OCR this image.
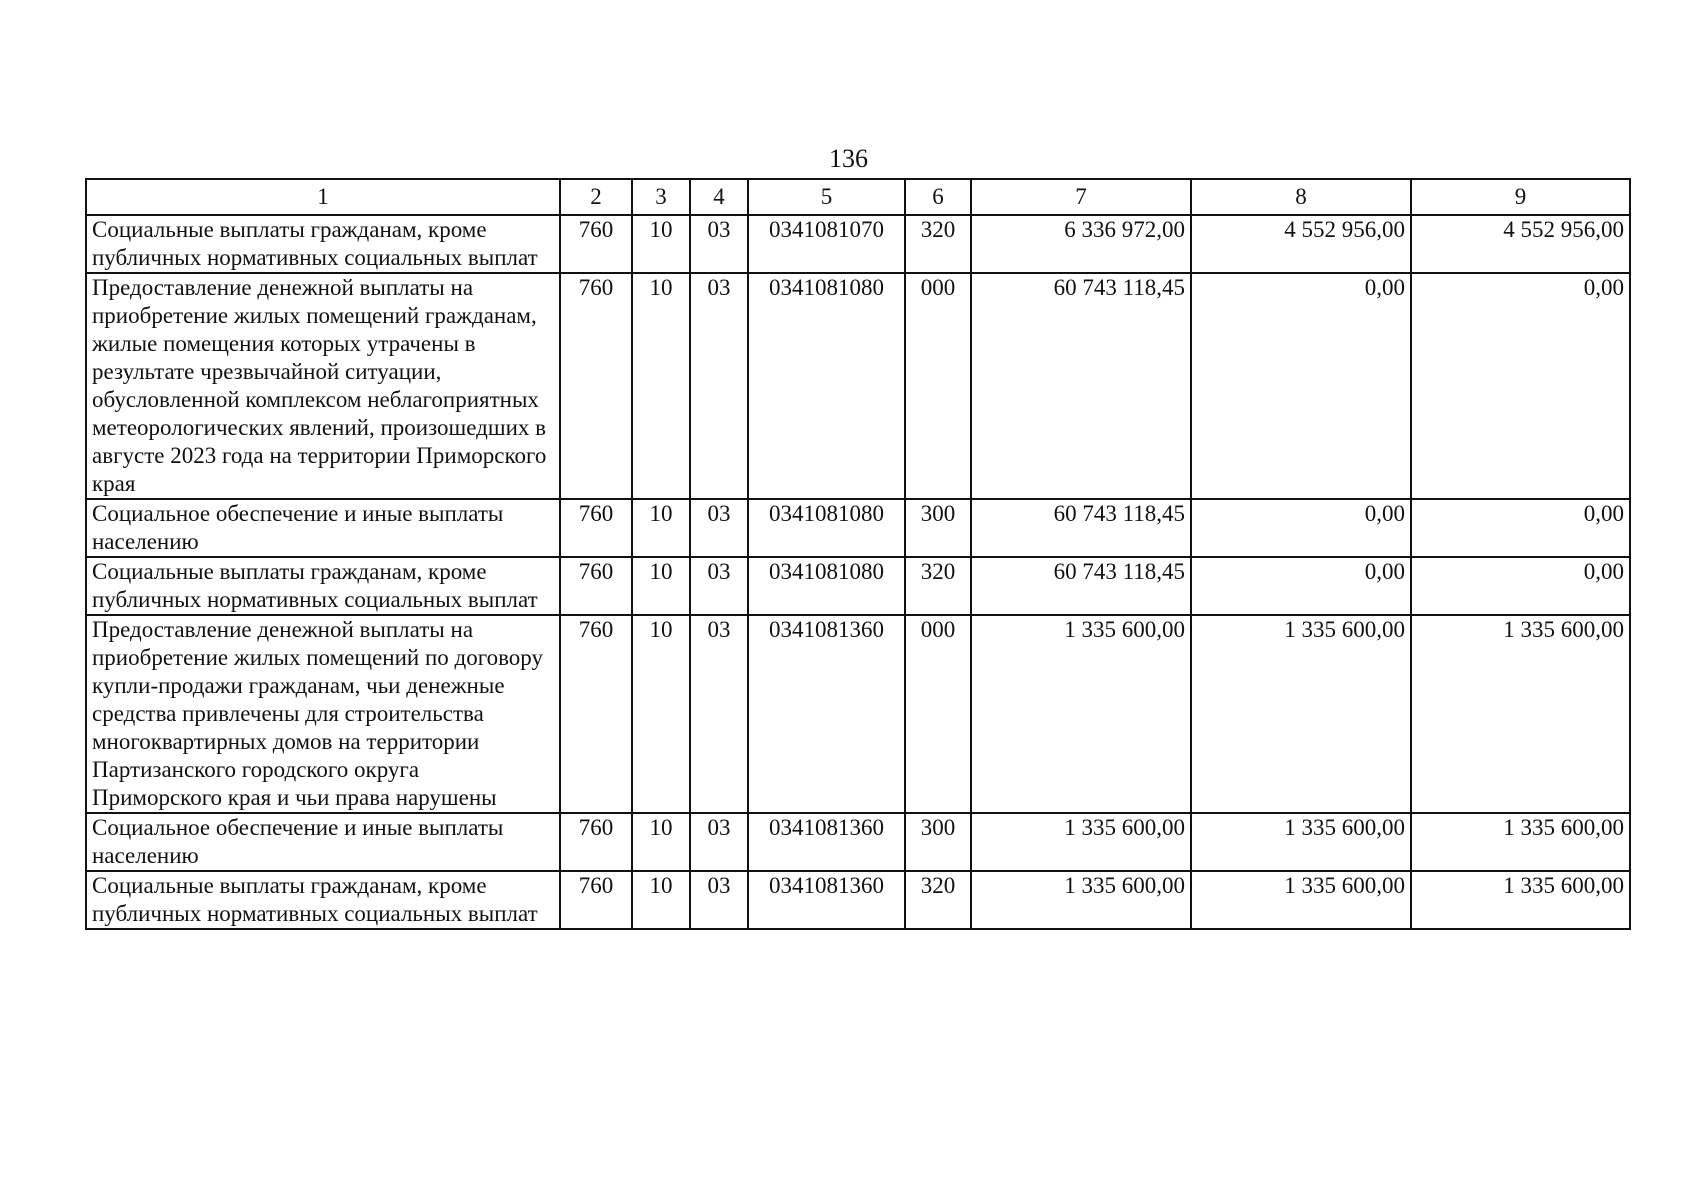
136
1	2	3	4	5	6	7	8	9
Социальные выплаты гражданам, кроме публичных нормативных социальных выплат	760	10	03	0341081070	320	6 336 972,00	4 552 956,00	4 552 956,00
Предоставление денежной выплаты на приобретение жилых помещений гражданам, жилые помещения которых утрачены в результате чрезвычайной ситуации, обусловленной комплексом неблагоприятных метеорологических явлений, произошедших в августе 2023 года на территории Приморского края	760	10	03	0341081080	000	60 743 118,45	0,00	0,00
Социальное обеспечение и иные выплаты населению	760	10	03	0341081080	300	60 743 118,45	0,00	0,00
Социальные выплаты гражданам, кроме публичных нормативных социальных выплат	760	10	03	0341081080	320	60 743 118,45	0,00	0,00
Предоставление денежной выплаты на приобретение жилых помещений по договору купли-продажи гражданам, чьи денежные средства привлечены для строительства многоквартирных домов на территории Партизанского городского округа Приморского края и чьи права нарушены	760	10	03	0341081360	000	1 335 600,00	1 335 600,00	1 335 600,00
Социальное обеспечение и иные выплаты населению	760	10	03	0341081360	300	1 335 600,00	1 335 600,00	1 335 600,00
Социальные выплаты гражданам, кроме публичных нормативных социальных выплат	760	10	03	0341081360	320	1 335 600,00	1 335 600,00	1 335 600,00
